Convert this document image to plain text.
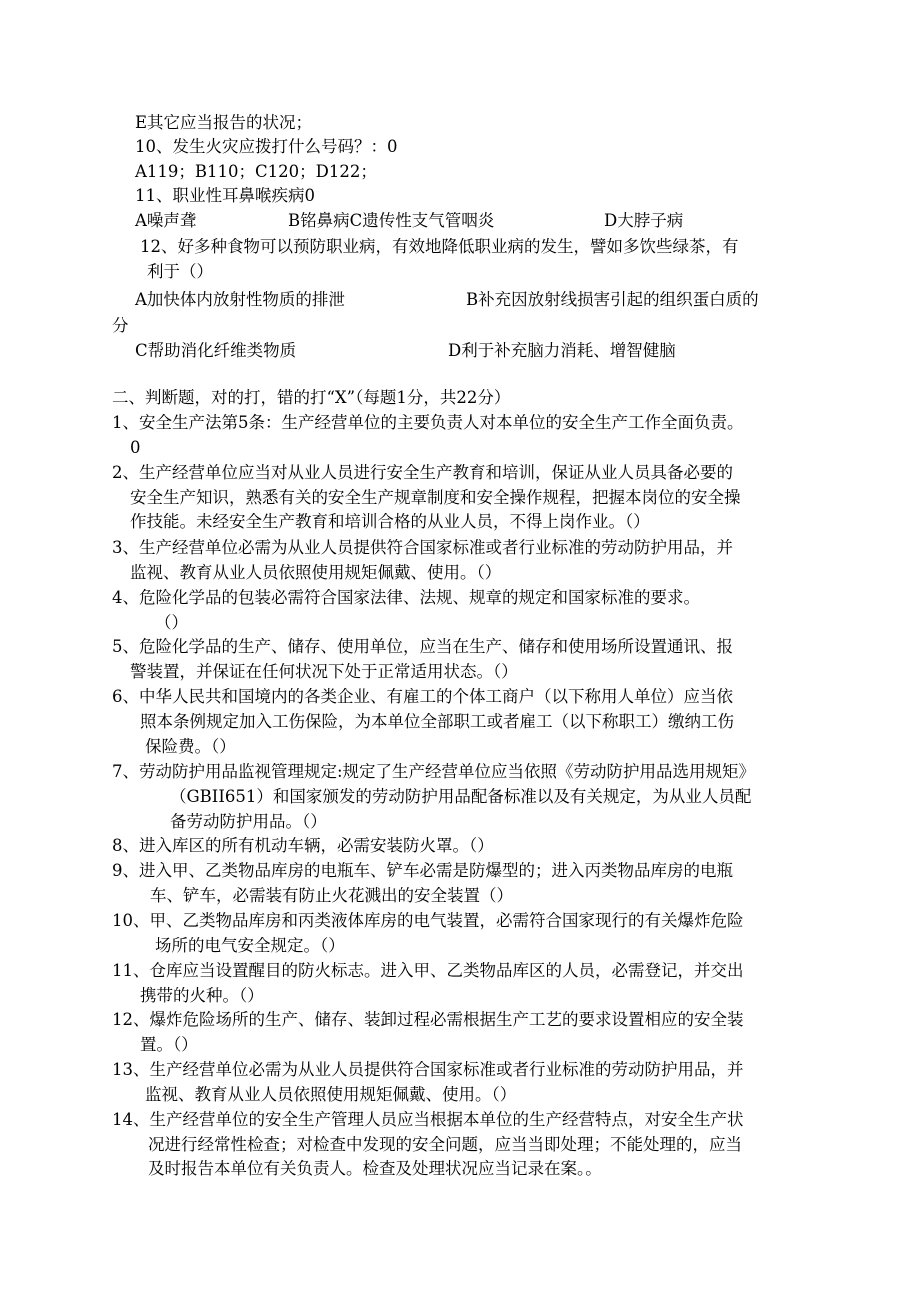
E其它应当报告的状况；
10、发生火灾应拨打什么号码？：0
A119；B110；C120；D122；
11、职业性耳鼻喉疾病0
A噪声聋	B铭鼻病C遗传性支气管咽炎	D大脖子病
12、好多种食物可以预防职业病，有效地降低职业病的发生，譬如多饮些绿茶，有
利于（）
A加快体内放射性物质的排泄	B补充因放射线损害引起的组织蛋白质的
分
C帮助消化纤维类物质	D利于补充脑力消耗、增智健脑
二、判断题，对的打，错的打“X”（每题1分，共22分）
1、安全生产法第5条：生产经营单位的主要负责人对本单位的安全生产工作全面负责。
0
2、生产经营单位应当对从业人员进行安全生产教育和培训，保证从业人员具备必要的
安全生产知识，熟悉有关的安全生产规章制度和安全操作规程，把握本岗位的安全操
作技能。未经安全生产教育和培训合格的从业人员，不得上岗作业。（）
3、生产经营单位必需为从业人员提供符合国家标准或者行业标准的劳动防护用品，并
监视、教育从业人员依照使用规矩佩戴、使用。（）
4、危险化学品的包装必需符合国家法律、法规、规章的规定和国家标准的要求。
（）
5、危险化学品的生产、储存、使用单位，应当在生产、储存和使用场所设置通讯、报
警装置，并保证在任何状况下处于正常适用状态。（）
6、中华人民共和国境内的各类企业、有雇工的个体工商户（以下称用人单位）应当依
照本条例规定加入工伤保险，为本单位全部职工或者雇工（以下称职工）缴纳工伤
保险费。（）
7、劳动防护用品监视管理规定:规定了生产经营单位应当依照《劳动防护用品选用规矩》
（GBII651）和国家颁发的劳动防护用品配备标准以及有关规定，为从业人员配
备劳动防护用品。（）
8、进入库区的所有机动车辆，必需安装防火罩。（）
9、进入甲、乙类物品库房的电瓶车、铲车必需是防爆型的；进入丙类物品库房的电瓶
车、铲车，必需装有防止火花溅出的安全装置（）
10、甲、乙类物品库房和丙类液体库房的电气装置，必需符合国家现行的有关爆炸危险
场所的电气安全规定。（）
11、仓库应当设置醒目的防火标志。进入甲、乙类物品库区的人员，必需登记，并交出
携带的火种。（）
12、爆炸危险场所的生产、储存、装卸过程必需根据生产工艺的要求设置相应的安全装
置。（）
13、生产经营单位必需为从业人员提供符合国家标准或者行业标准的劳动防护用品，并
监视、教育从业人员依照使用规矩佩戴、使用。（）
14、生产经营单位的安全生产管理人员应当根据本单位的生产经营特点，对安全生产状
况进行经常性检查；对检查中发现的安全问题，应当当即处理；不能处理的，应当
及时报告本单位有关负责人。检查及处理状况应当记录在案。。
